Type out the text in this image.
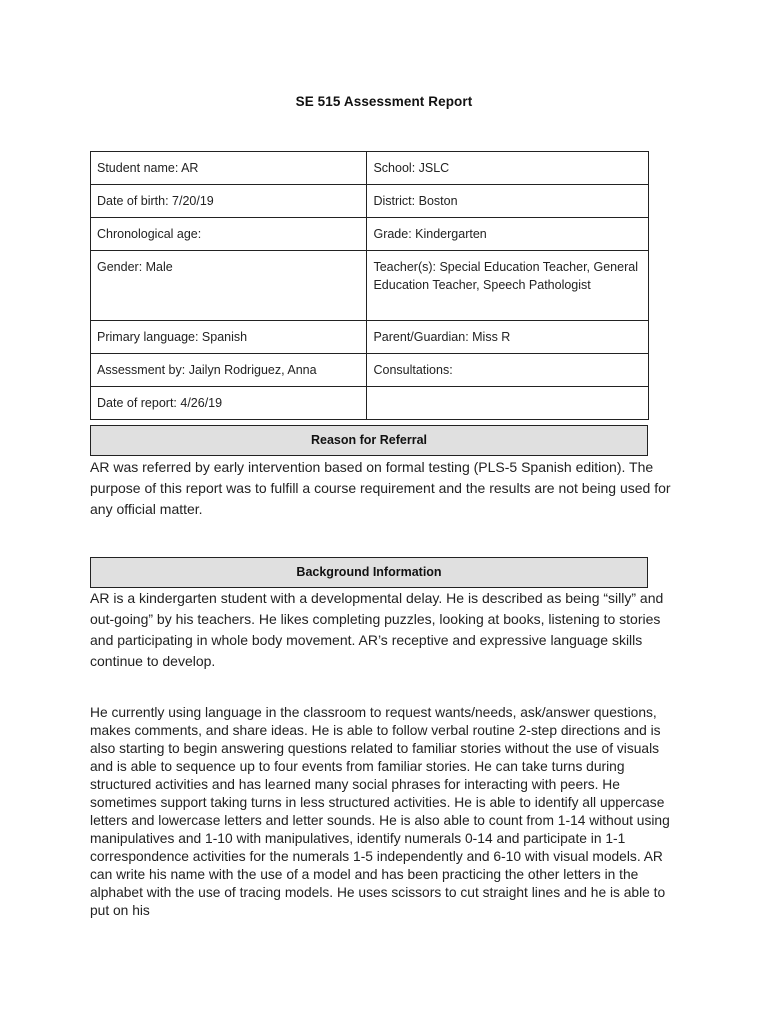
SE 515 Assessment Report
Student name: AR	School: JSLC
Date of birth: 7/20/19	District: Boston
Chronological age:	Grade: Kindergarten
Gender: Male	Teacher(s): Special Education Teacher, General Education Teacher, Speech Pathologist
Primary language: Spanish	Parent/Guardian: Miss R
Assessment by: Jailyn Rodriguez, Anna	Consultations:
Date of report: 4/26/19	
Reason for Referral

AR was referred by early intervention based on formal testing (PLS-5 Spanish edition). The purpose of this report was to fulfill a course requirement and the results are not being used for any official matter.

Background Information

AR is a kindergarten student with a developmental delay. He is described as being “silly” and out-going” by his teachers. He likes completing puzzles, looking at books, listening to stories and participating in whole body movement. AR’s receptive and expressive language skills continue to develop.

He currently using language in the classroom to request wants/needs, ask/answer questions, makes comments, and share ideas. He is able to follow verbal routine 2-step directions and is also starting to begin answering questions related to familiar stories without the use of visuals and is able to sequence up to four events from familiar stories. He can take turns during structured activities and has learned many social phrases for interacting with peers. He sometimes support taking turns in less structured activities. He is able to identify all uppercase letters and lowercase letters and letter sounds. He is also able to count from 1-14 without using manipulatives and 1-10 with manipulatives, identify numerals 0-14 and participate in 1-1 correspondence activities for the numerals 1-5 independently and 6-10 with visual models. AR can write his name with the use of a model and has been practicing the other letters in the alphabet with the use of tracing models. He uses scissors to cut straight lines and he is able to put on his
